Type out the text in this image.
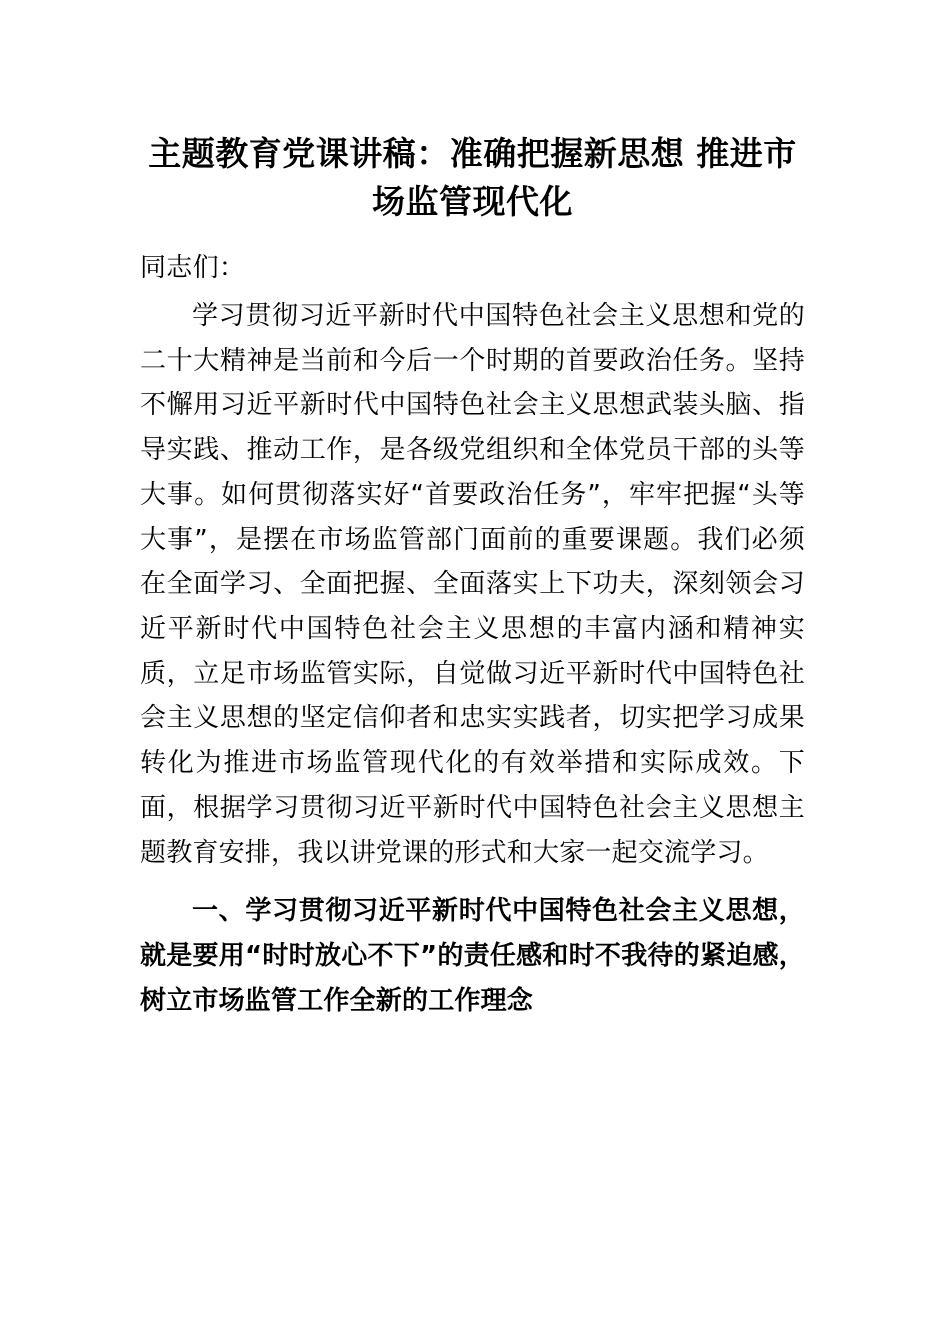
主题教育党课讲稿：准确把握新思想 推进市场监管现代化

同志们：

学习贯彻习近平新时代中国特色社会主义思想和党的二十大精神是当前和今后一个时期的首要政治任务。坚持不懈用习近平新时代中国特色社会主义思想武装头脑、指导实践、推动工作，是各级党组织和全体党员干部的头等大事。如何贯彻落实好“首要政治任务”，牢牢把握“头等大事”，是摆在市场监管部门面前的重要课题。我们必须在全面学习、全面把握、全面落实上下功夫，深刻领会习近平新时代中国特色社会主义思想的丰富内涵和精神实质，立足市场监管实际，自觉做习近平新时代中国特色社会主义思想的坚定信仰者和忠实实践者，切实把学习成果转化为推进市场监管现代化的有效举措和实际成效。下面，根据学习贯彻习近平新时代中国特色社会主义思想主题教育安排，我以讲党课的形式和大家一起交流学习。

一、学习贯彻习近平新时代中国特色社会主义思想，就是要用“时时放心不下”的责任感和时不我待的紧迫感，树立市场监管工作全新的工作理念
